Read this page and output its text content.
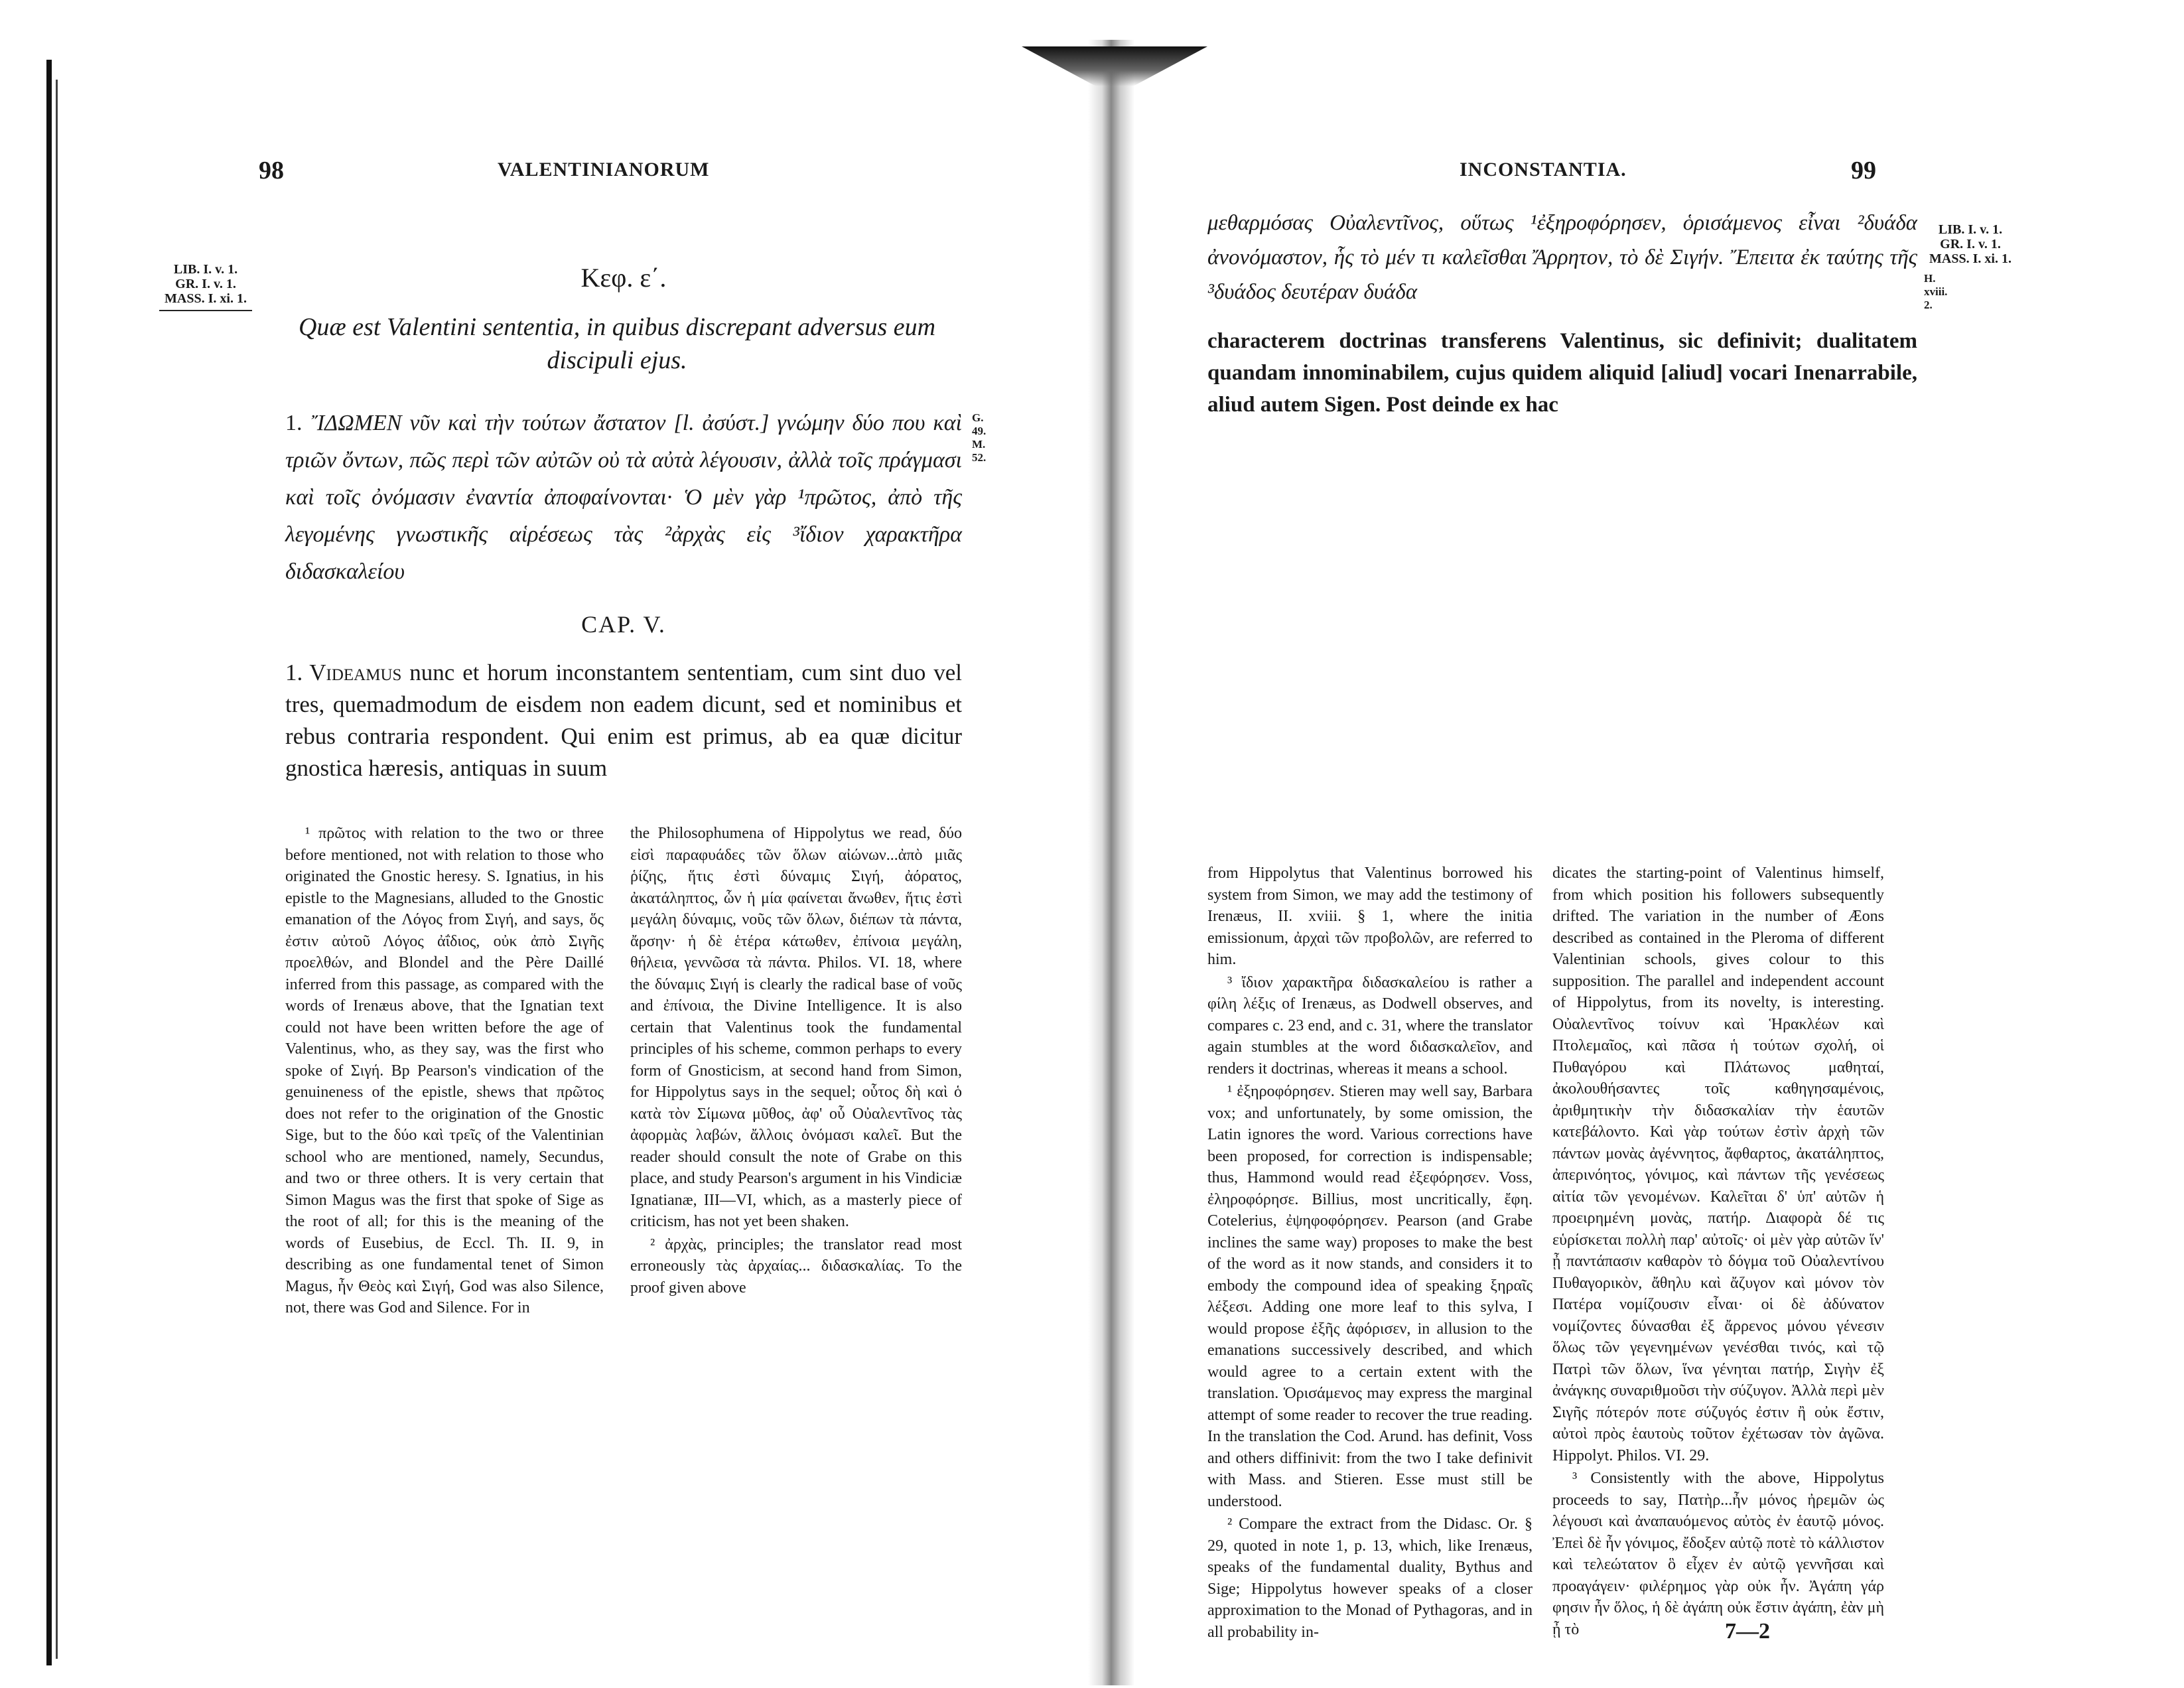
98	VALENTINIANORUM
LIB. I. v. 1.
GR. I. v. 1.
MASS. I. xi. 1.
Κεφ. ε΄.
Quæ est Valentini sententia, in quibus discrepant adversus eum discipuli ejus.
G. 49.
M. 52.
1. ἼΔΩΜΕΝ νῦν καὶ τὴν τούτων ἄστατον [l. ἀσύστ.] γνώμην δύο που καὶ τριῶν ὄντων, πῶς περὶ τῶν αὐτῶν οὐ τὰ αὐτὰ λέγουσιν, ἀλλὰ τοῖς πράγμασι καὶ τοῖς ὀνόμασιν ἐναντία ἀποφαίνονται· Ὁ μὲν γὰρ ¹πρῶτος, ἀπὸ τῆς λεγομένης γνωστικῆς αἱρέσεως τὰς ²ἀρχὰς εἰς ³ἴδιον χαρακτῆρα διδασκαλείου
CAP. V.
1. Videamus nunc et horum inconstantem sententiam, cum sint duo vel tres, quemadmodum de eisdem non eadem dicunt, sed et nominibus et rebus contraria respondent. Qui enim est primus, ab ea quæ dicitur gnostica hæresis, antiquas in suum

¹ πρῶτος with relation to the two or three before mentioned, not with relation to those who originated the Gnostic heresy. S. Ignatius, in his epistle to the Magnesians, alluded to the Gnostic emanation of the Λόγος from Σιγή, and says, ὅς ἐστιν αὐτοῦ Λόγος ἀΐδιος, οὐκ ἀπὸ Σιγῆς προελθών, and Blondel and the Père Daillé inferred from this passage, as compared with the words of Irenæus above, that the Ignatian text could not have been written before the age of Valentinus, who, as they say, was the first who spoke of Σιγή. Bp Pearson's vindication of the genuineness of the epistle, shews that πρῶτος does not refer to the origination of the Gnostic Sige, but to the δύο καὶ τρεῖς of the Valentinian school who are mentioned, namely, Secundus, and two or three others. It is very certain that Simon Magus was the first that spoke of Sige as the root of all; for this is the meaning of the words of Eusebius, de Eccl. Th. II. 9, in describing as one fundamental tenet of Simon Magus, ἦν Θεὸς καὶ Σιγή, God was also Silence, not, there was God and Silence. For in

the Philosophumena of Hippolytus we read, δύο εἰσὶ παραφυάδες τῶν ὅλων αἰώνων...ἀπὸ μιᾶς ῥίζης, ἥτις ἐστὶ δύναμις Σιγή, ἀόρατος, ἀκατάληπτος, ὧν ἡ μία φαίνεται ἄνωθεν, ἥτις ἐστὶ μεγάλη δύναμις, νοῦς τῶν ὅλων, διέπων τὰ πάντα, ἄρσην· ἡ δὲ ἑτέρα κάτωθεν, ἐπίνοια μεγάλη, θήλεια, γεννῶσα τὰ πάντα. Philos. VI. 18, where the δύναμις Σιγή is clearly the radical base of νοῦς and ἐπίνοια, the Divine Intelligence. It is also certain that Valentinus took the fundamental principles of his scheme, common perhaps to every form of Gnosticism, at second hand from Simon, for Hippolytus says in the sequel; οὗτος δὴ καὶ ὁ κατὰ τὸν Σίμωνα μῦθος, ἀφ' οὗ Οὐαλεντῖνος τὰς ἀφορμὰς λαβών, ἄλλοις ὀνόμασι καλεῖ. But the reader should consult the note of Grabe on this place, and study Pearson's argument in his Vindiciæ Ignatianæ, III—VI, which, as a masterly piece of criticism, has not yet been shaken.

² ἀρχὰς, principles; the translator read most erroneously τὰς ἀρχαίας... διδασκαλίας. To the proof given above

INCONSTANTIA.	99
LIB. I. v. 1.
GR. I. v. 1.
MASS. I. xi. 1.
H. xviii. 2.
μεθαρμόσας Οὐαλεντῖνος, οὕτως ¹ἐξηροφόρησεν, ὁρισάμενος εἶναι ²δυάδα ἀνονόμαστον, ἧς τὸ μέν τι καλεῖσθαι Ἄρρητον, τὸ δὲ Σιγήν. Ἔπειτα ἐκ ταύτης τῆς ³δυάδος δευτέραν δυάδα
characterem doctrinas transferens Valentinus, sic definivit; dualitatem quandam innominabilem, cujus quidem aliquid [aliud] vocari Inenarrabile, aliud autem Sigen. Post deinde ex hac

from Hippolytus that Valentinus borrowed his system from Simon, we may add the testimony of Irenæus, II. xviii. § 1, where the initia emissionum, ἀρχαὶ τῶν προβολῶν, are referred to him.

³ ἴδιον χαρακτῆρα διδασκαλείου is rather a φίλη λέξις of Irenæus, as Dodwell observes, and compares c. 23 end, and c. 31, where the translator again stumbles at the word διδασκαλεῖον, and renders it doctrinas, whereas it means a school.

¹ ἐξηροφόρησεν. Stieren may well say, Barbara vox; and unfortunately, by some omission, the Latin ignores the word. Various corrections have been proposed, for correction is indispensable; thus, Hammond would read ἐξεφόρησεν. Voss, ἐληροφόρησε. Billius, most uncritically, ἔφη. Cotelerius, ἐψηφοφόρησεν. Pearson (and Grabe inclines the same way) proposes to make the best of the word as it now stands, and considers it to embody the compound idea of speaking ξηραῖς λέξεσι. Adding one more leaf to this sylva, I would propose ἐξῆς ἀφόρισεν, in allusion to the emanations successively described, and which would agree to a certain extent with the translation. Ὁρισάμενος may express the marginal attempt of some reader to recover the true reading. In the translation the Cod. Arund. has definit, Voss and others diffinivit: from the two I take definivit with Mass. and Stieren. Esse must still be understood.

² Compare the extract from the Didasc. Or. § 29, quoted in note 1, p. 13, which, like Irenæus, speaks of the fundamental duality, Bythus and Sige; Hippolytus however speaks of a closer approximation to the Monad of Pythagoras, and in all probability in-

dicates the starting-point of Valentinus himself, from which position his followers subsequently drifted. The variation in the number of Æons described as contained in the Pleroma of different Valentinian schools, gives colour to this supposition. The parallel and independent account of Hippolytus, from its novelty, is interesting. Οὐαλεντῖνος τοίνυν καὶ Ἡρακλέων καὶ Πτολεμαῖος, καὶ πᾶσα ἡ τούτων σχολή, οἱ Πυθαγόρου καὶ Πλάτωνος μαθηταί, ἀκολουθήσαντες τοῖς καθηγησαμένοις, ἀριθμητικὴν τὴν διδασκαλίαν τὴν ἑαυτῶν κατεβάλοντο. Καὶ γὰρ τούτων ἐστὶν ἀρχὴ τῶν πάντων μονὰς ἀγέννητος, ἄφθαρτος, ἀκατάληπτος, ἀπερινόητος, γόνιμος, καὶ πάντων τῆς γενέσεως αἰτία τῶν γενομένων. Καλεῖται δ' ὑπ' αὐτῶν ἡ προειρημένη μονὰς, πατήρ. Διαφορὰ δέ τις εὑρίσκεται πολλὴ παρ' αὐτοῖς· οἱ μὲν γὰρ αὐτῶν ἵν' ᾖ παντάπασιν καθαρὸν τὸ δόγμα τοῦ Οὐαλεντίνου Πυθαγορικὸν, ἄθηλυ καὶ ἄζυγον καὶ μόνον τὸν Πατέρα νομίζουσιν εἶναι· οἱ δὲ ἀδύνατον νομίζοντες δύνασθαι ἐξ ἄρρενος μόνου γένεσιν ὅλως τῶν γεγενημένων γενέσθαι τινός, καὶ τῷ Πατρὶ τῶν ὅλων, ἵνα γένηται πατήρ, Σιγὴν ἐξ ἀνάγκης συναριθμοῦσι τὴν σύζυγον. Ἀλλὰ περὶ μὲν Σιγῆς πότερόν ποτε σύζυγός ἐστιν ἢ οὐκ ἔστιν, αὐτοὶ πρὸς ἑαυτοὺς τοῦτον ἐχέτωσαν τὸν ἀγῶνα. Hippolyt. Philos. VI. 29.

³ Consistently with the above, Hippolytus proceeds to say, Πατὴρ...ἦν μόνος ἠρεμῶν ὡς λέγουσι καὶ ἀναπαυόμενος αὐτὸς ἐν ἑαυτῷ μόνος. Ἐπεὶ δὲ ἦν γόνιμος, ἔδοξεν αὐτῷ ποτὲ τὸ κάλλιστον καὶ τελεώτατον ὃ εἶχεν ἐν αὐτῷ γεννῆσαι καὶ προαγάγειν· φιλέρημος γὰρ οὐκ ἦν. Ἀγάπη γάρ φησιν ἦν ὅλος, ἡ δὲ ἀγάπη οὐκ ἔστιν ἀγάπη, ἐὰν μὴ ᾖ τὸ	7—2
